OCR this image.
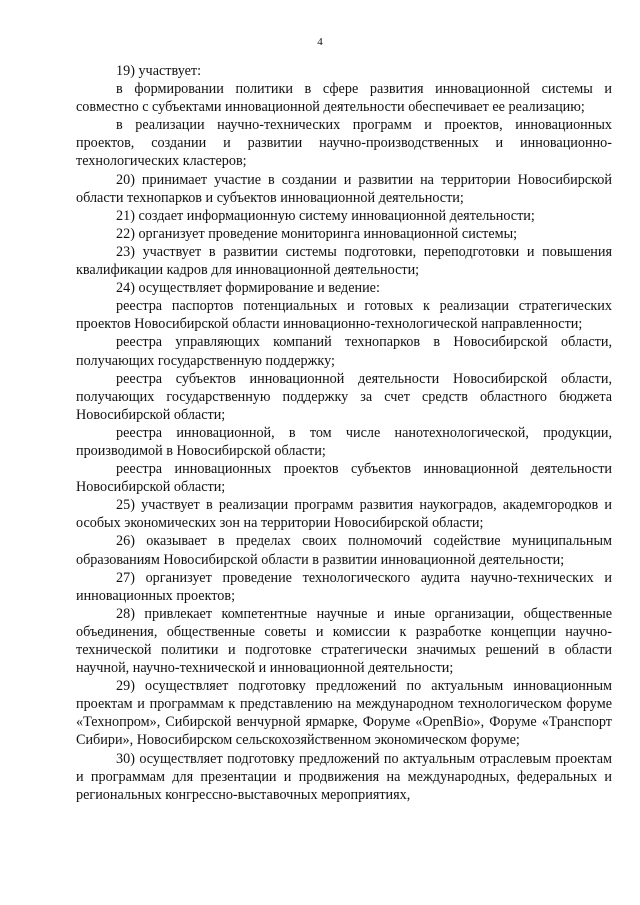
4

19) участвует:

в формировании политики в сфере развития инновационной системы и совместно с субъектами инновационной деятельности обеспечивает ее реализацию;

в реализации научно-технических программ и проектов, инновационных проектов, создании и развитии научно-производственных и инновационно-технологических кластеров;

20) принимает участие в создании и развитии на территории Новосибирской области технопарков и субъектов инновационной деятельности;

21) создает информационную систему инновационной деятельности;

22) организует проведение мониторинга инновационной системы;

23) участвует в развитии системы подготовки, переподготовки и повышения квалификации кадров для инновационной деятельности;

24) осуществляет формирование и ведение:

реестра паспортов потенциальных и готовых к реализации стратегических проектов Новосибирской области инновационно-технологической направленности;

реестра управляющих компаний технопарков в Новосибирской области, получающих государственную поддержку;

реестра субъектов инновационной деятельности Новосибирской области, получающих государственную поддержку за счет средств областного бюджета Новосибирской области;

реестра инновационной, в том числе нанотехнологической, продукции, производимой в Новосибирской области;

реестра инновационных проектов субъектов инновационной деятельности Новосибирской области;

25) участвует в реализации программ развития наукоградов, академгородков и особых экономических зон на территории Новосибирской области;

26) оказывает в пределах своих полномочий содействие муниципальным образованиям Новосибирской области в развитии инновационной деятельности;

27) организует проведение технологического аудита научно-технических и инновационных проектов;

28) привлекает компетентные научные и иные организации, общественные объединения, общественные советы и комиссии к разработке концепции научно-технической политики и подготовке стратегически значимых решений в области научной, научно-технической и инновационной деятельности;

29) осуществляет подготовку предложений по актуальным инновационным проектам и программам к представлению на международном технологическом форуме «Технопром», Сибирской венчурной ярмарке, Форуме «OpenBio», Форуме «Транспорт Сибири», Новосибирском сельскохозяйственном экономическом форуме;

30) осуществляет подготовку предложений по актуальным отраслевым проектам и программам для презентации и продвижения на международных, федеральных и региональных конгрессно-выставочных мероприятиях,
